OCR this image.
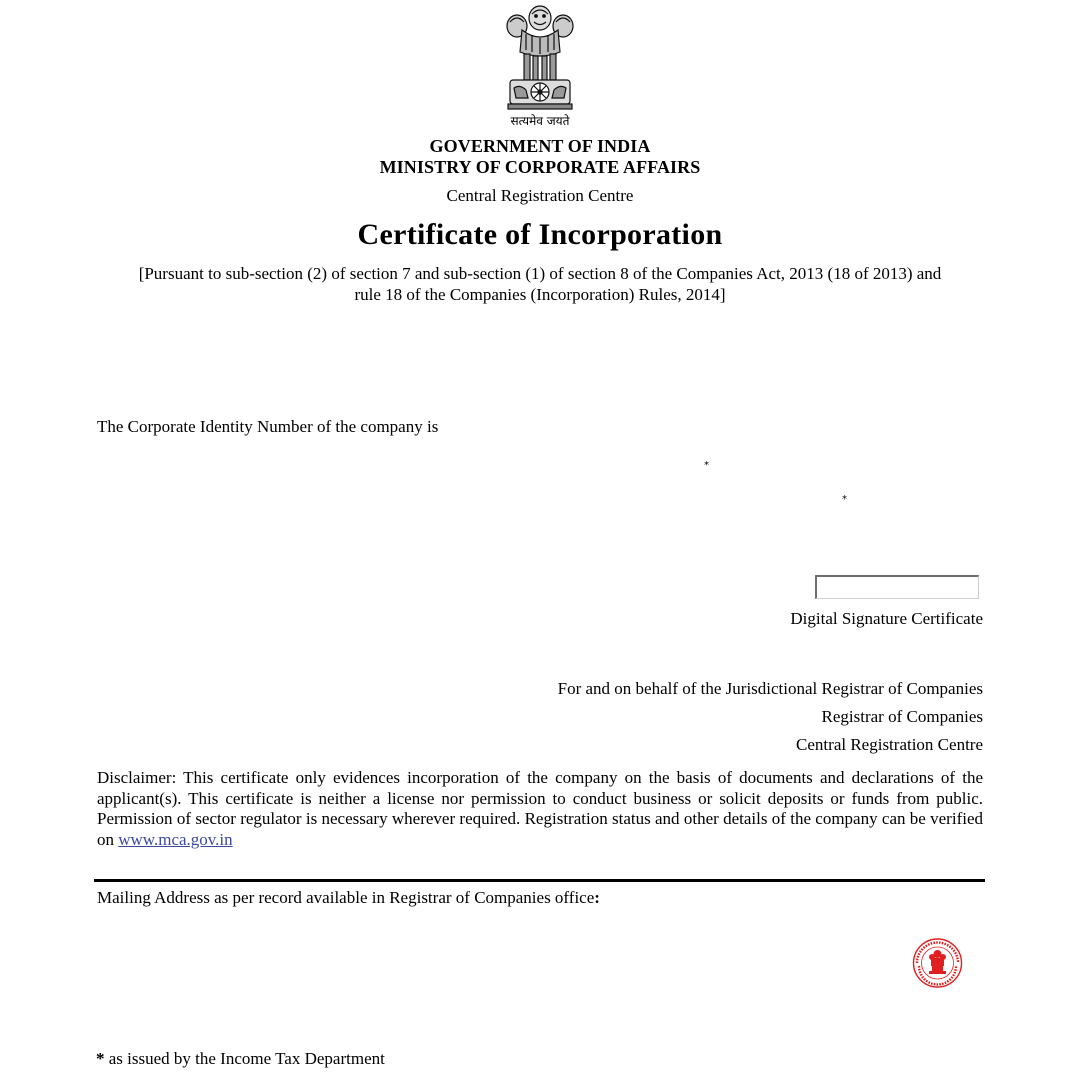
सत्यमेव जयते
GOVERNMENT OF INDIA
MINISTRY OF CORPORATE AFFAIRS
Central Registration Centre
Certificate of Incorporation
[Pursuant to sub-section (2) of section 7 and sub-section (1) of section 8 of the Companies Act, 2013 (18 of 2013) and
rule 18 of the Companies (Incorporation) Rules, 2014]
The Corporate Identity Number of the company is
*
*
Digital Signature Certificate
For and on behalf of the Jurisdictional Registrar of Companies
Registrar of Companies
Central Registration Centre
Disclaimer: This certificate only evidences incorporation of the company on the basis of documents and declarations of the applicant(s). This certificate is neither a license nor permission to conduct business or solicit deposits or funds from public. Permission of sector regulator is necessary wherever required. Registration status and other details of the company can be verified on www.mca.gov.in
Mailing Address as per record available in Registrar of Companies office:
* as issued by the Income Tax Department
